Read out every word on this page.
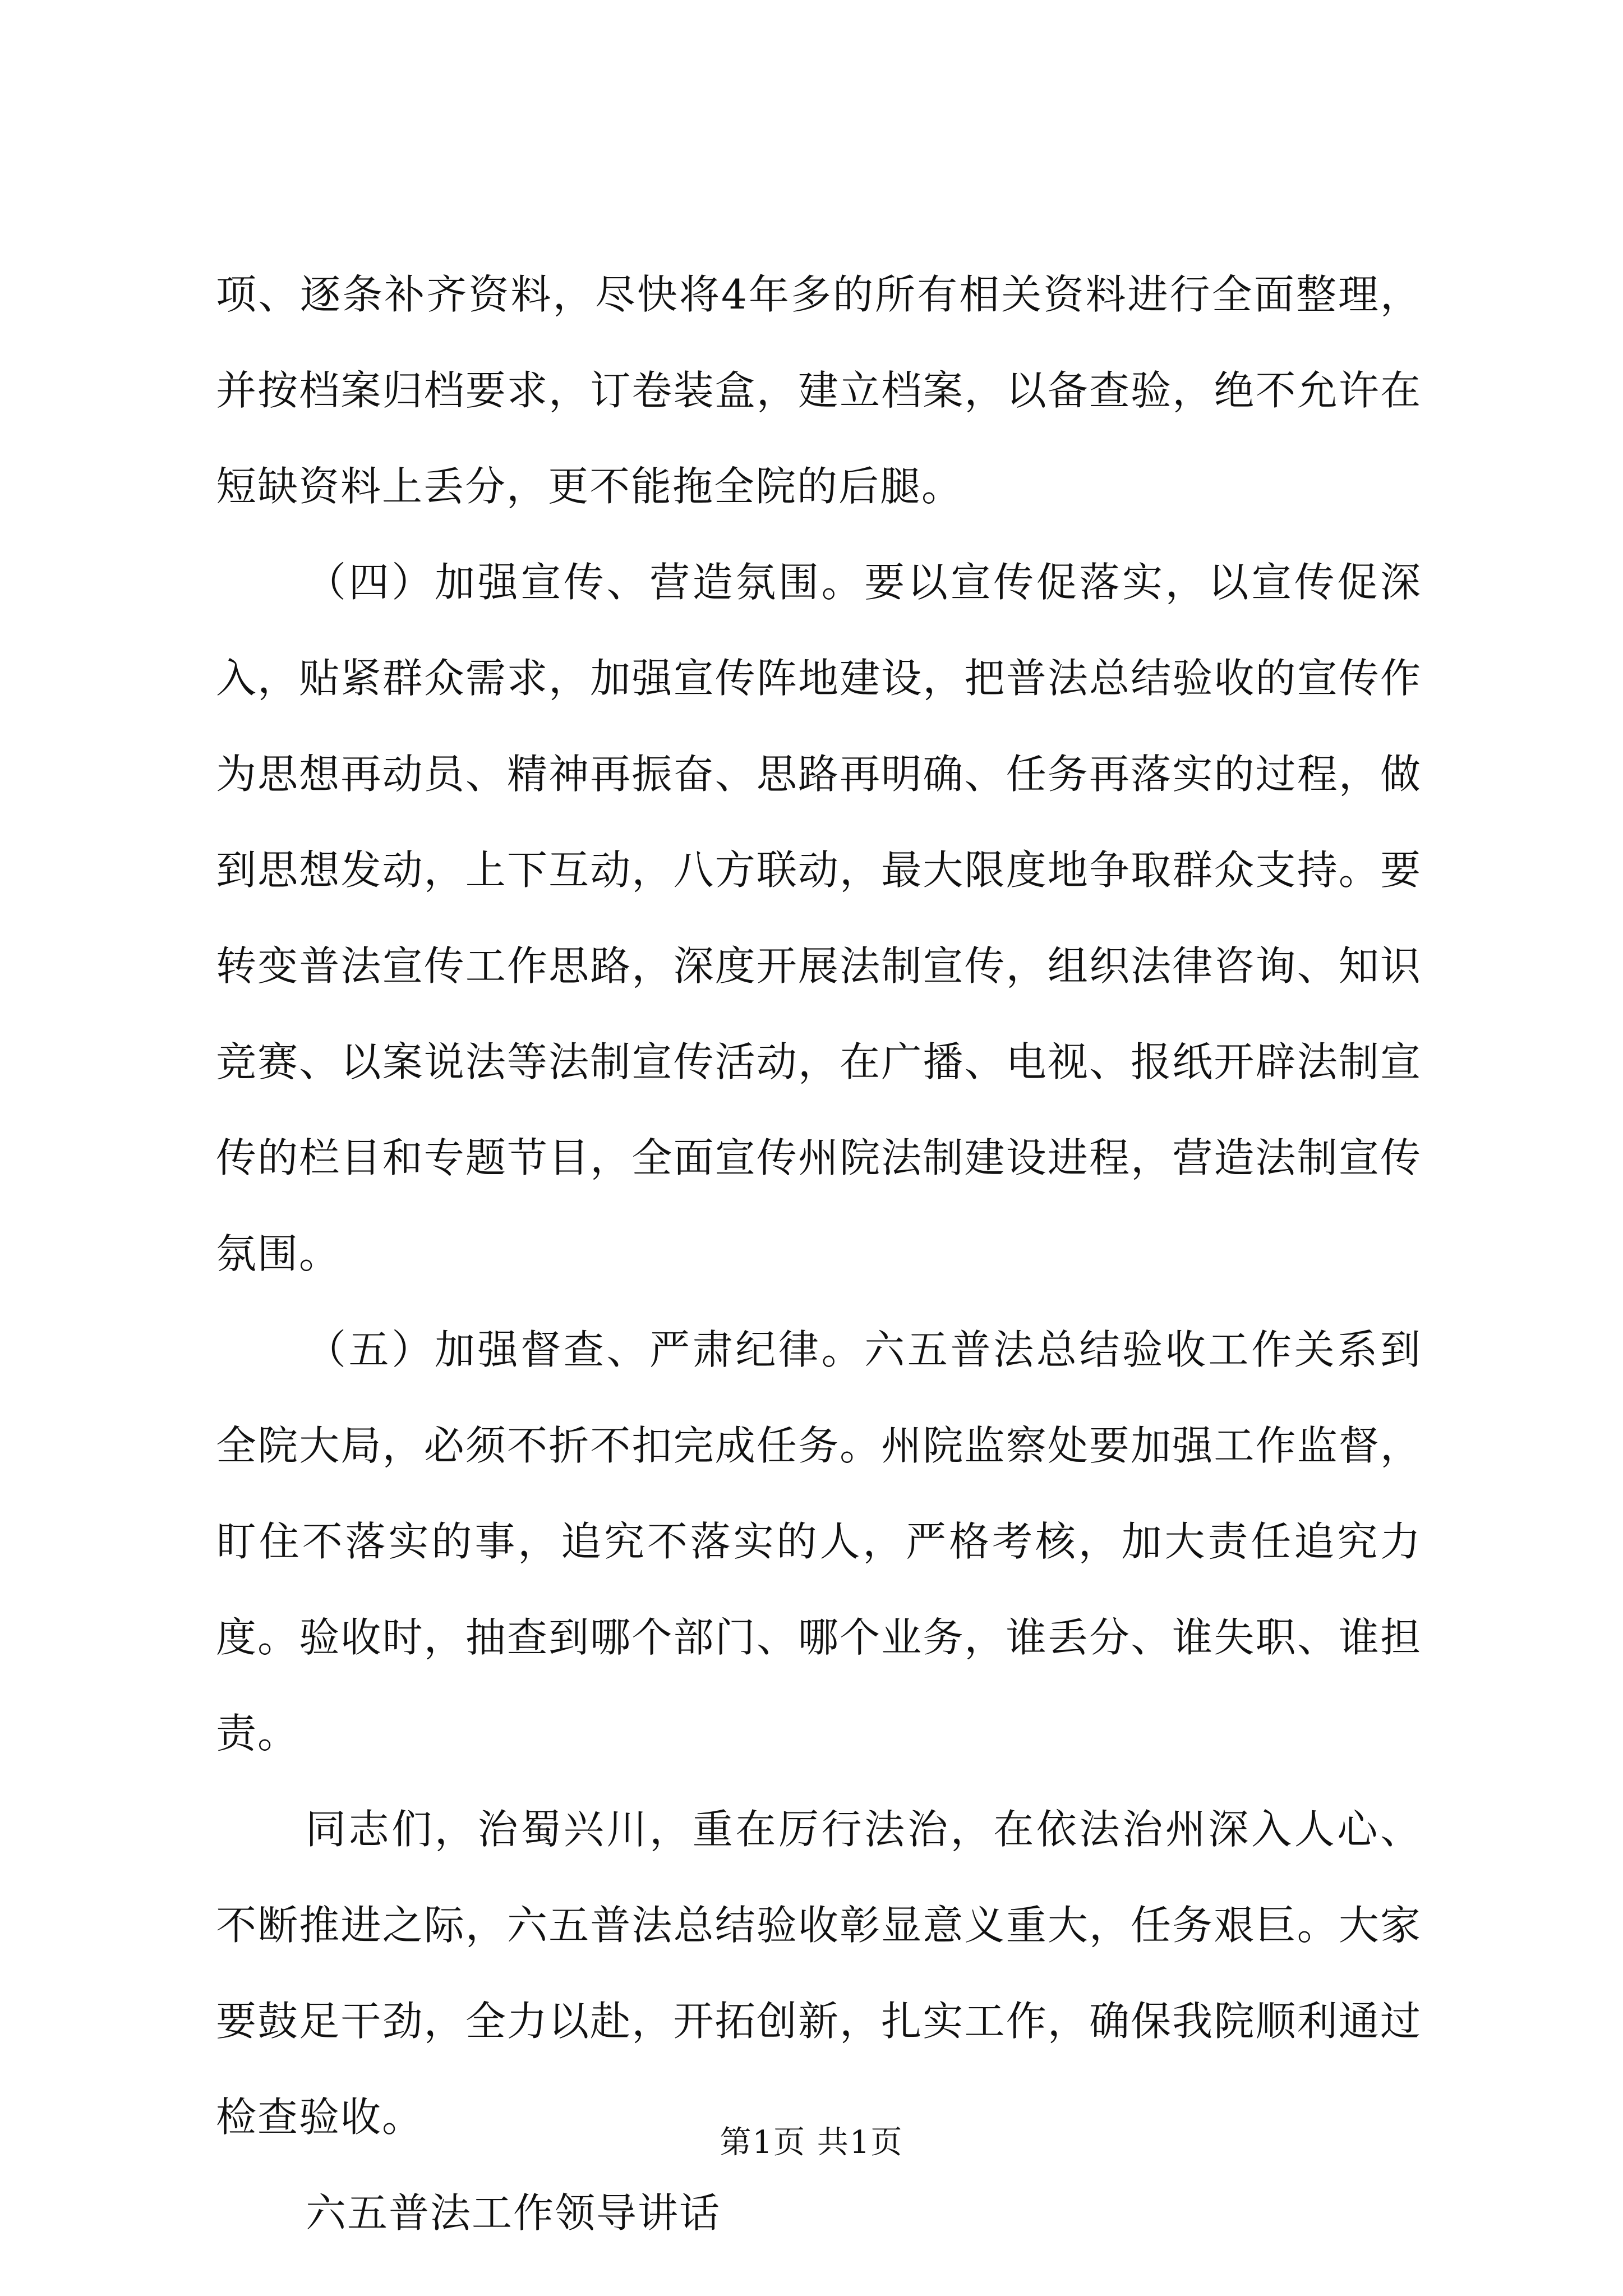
项、逐条补齐资料，尽快将4年多的所有相关资料进行全面整理，并按档案归档要求，订卷装盒，建立档案，以备查验，绝不允许在短缺资料上丢分，更不能拖全院的后腿。

（四）加强宣传、营造氛围。要以宣传促落实，以宣传促深入，贴紧群众需求，加强宣传阵地建设，把普法总结验收的宣传作为思想再动员、精神再振奋、思路再明确、任务再落实的过程，做到思想发动，上下互动，八方联动，最大限度地争取群众支持。要转变普法宣传工作思路，深度开展法制宣传，组织法律咨询、知识竞赛、以案说法等法制宣传活动，在广播、电视、报纸开辟法制宣传的栏目和专题节目，全面宣传州院法制建设进程，营造法制宣传氛围。

（五）加强督查、严肃纪律。六五普法总结验收工作关系到全院大局，必须不折不扣完成任务。州院监察处要加强工作监督，盯住不落实的事，追究不落实的人，严格考核，加大责任追究力度。验收时，抽查到哪个部门、哪个业务，谁丢分、谁失职、谁担责。

同志们，治蜀兴川，重在厉行法治，在依法治州深入人心、不断推进之际，六五普法总结验收彰显意义重大，任务艰巨。大家要鼓足干劲，全力以赴，开拓创新，扎实工作，确保我院顺利通过检查验收。

六五普法工作领导讲话

第1页 共1页
